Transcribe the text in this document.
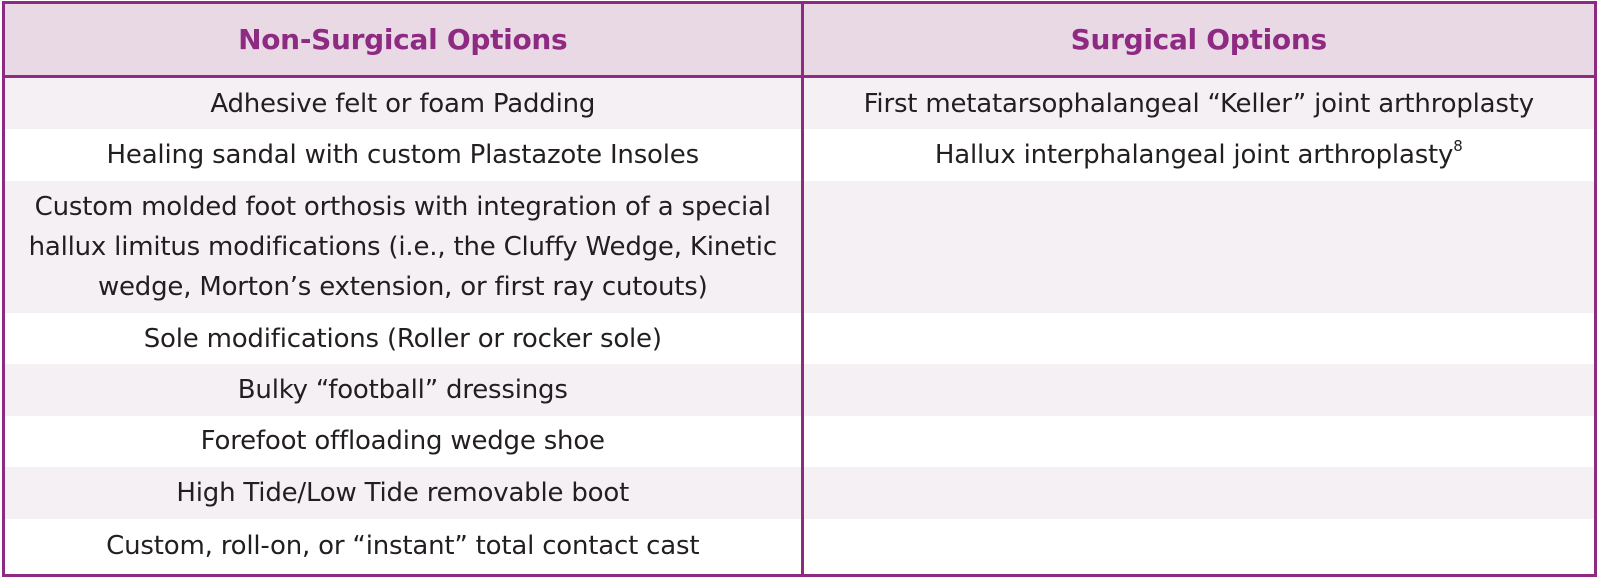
Non-Surgical Options	Surgical Options
Adhesive felt or foam Padding	First metatarsophalangeal “Keller” joint arthroplasty
Healing sandal with custom Plastazote Insoles	Hallux interphalangeal joint arthroplasty$^8$
Custom molded foot orthosis with integration of a special hallux limitus modifications (i.e., the Cluffy Wedge, Kinetic wedge, Morton’s extension, or first ray cutouts)	
Sole modifications (Roller or rocker sole)	
Bulky “football” dressings	
Forefoot offloading wedge shoe	
High Tide/Low Tide removable boot	
Custom, roll-on, or “instant” total contact cast	
